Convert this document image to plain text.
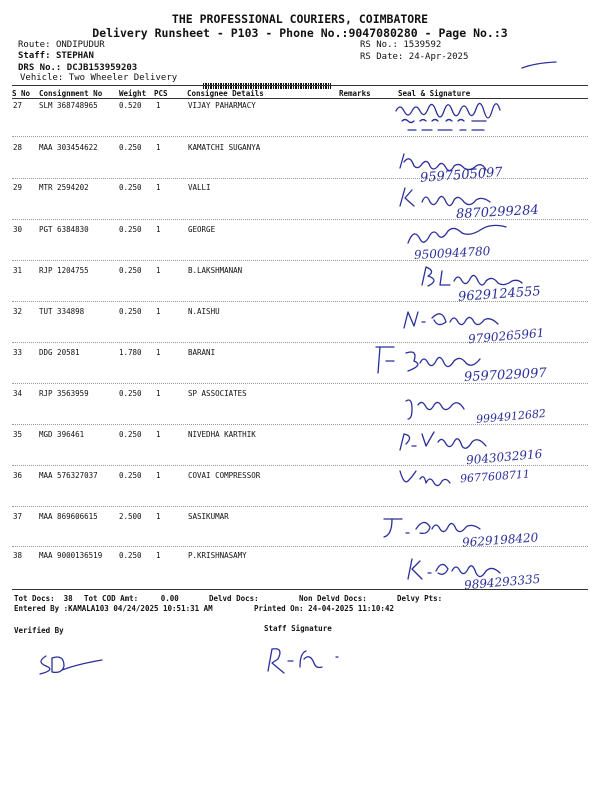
THE PROFESSIONAL COURIERS, COIMBATORE
Delivery Runsheet - P103 - Phone No.:9047080280 - Page No.:3
Route: ONDIPUDUR
Staff: STEPHAN
DRS No.: DCJB153959203
Vehicle: Two Wheeler Delivery
RS No.: 1539592
RS Date: 24-Apr-2025
S No Consignment No Weight PCS	Consignee Details	Remarks	Seal & Signature
27 SLM 368748965	0.520 1	VIJAY PAHARMACY
28 MAA 303454622	0.250 1	KAMATCHI SUGANYA
29 MTR 2594202	0.250 1	VALLI
30 PGT 6384830	0.250 1	GEORGE
31 RJP 1204755	0.250 1	B.LAKSHMANAN
32 TUT 334898	0.250 1	N.AISHU
33 DDG 20581	1.780 1	BARANI
34 RJP 3563959	0.250 1	SP ASSOCIATES
35 MGD 396461	0.250 1	NIVEDHA KARTHIK
36 MAA 576327037	0.250 1	COVAI COMPRESSOR
37 MAA 869606615	2.500 1	SASIKUMAR
38 MAA 9000136519 0.250 1	P.KRISHNASAMY
9597505097
8870299284
9500944780
9629124555
9790265961
9597029097
9994912682
9043032916
9677608711
9629198420
9894293335
Tot Docs:  38 Tot COD Amt:     0.00	Delvd Docs:	Non Delvd Docs:	Delvy Pts:
Entered By :KAMALA103 04/24/2025 10:51:31 AM	Printed On: 24-04-2025 11:10:42
Verified By	Staff Signature
